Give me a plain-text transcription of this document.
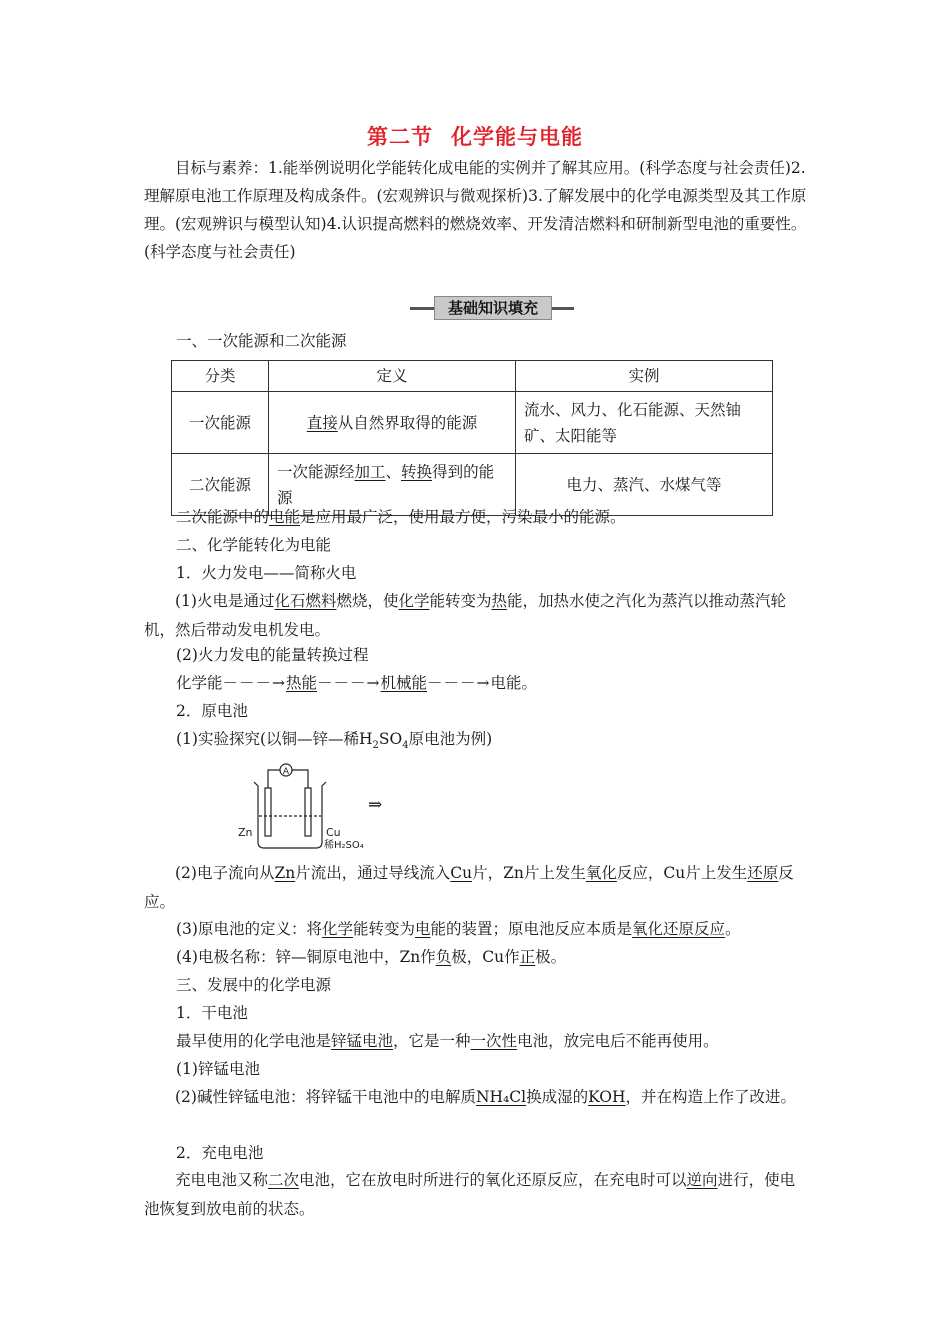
第二节 化学能与电能
目标与素养：1.能举例说明化学能转化成电能的实例并了解其应用。(科学态度与社会责任)2.理解原电池工作原理及构成条件。(宏观辨识与微观探析)3.了解发展中的化学电源类型及其工作原理。(宏观辨识与模型认知)4.认识提高燃料的燃烧效率、开发清洁燃料和研制新型电池的重要性。(科学态度与社会责任)
基础知识填充
一、一次能源和二次能源
分类	定义	实例
一次能源	直接从自然界取得的能源	流水、风力、化石能源、天然铀矿、太阳能等
二次能源	一次能源经加工、转换得到的能源	电力、蒸汽、水煤气等
二次能源中的电能是应用最广泛，使用最方便，污染最小的能源。
二、化学能转化为电能
1．火力发电——简称火电
(1)火电是通过化石燃料燃烧，使化学能转变为热能，加热水使之汽化为蒸汽以推动蒸汽轮机，然后带动发电机发电。
(2)火力发电的能量转换过程
化学能－－－→热能－－－→机械能－－－→电能。
2．原电池
(1)实验探究(以铜—锌—稀$H_2SO_4$原电池为例)
A
Zn	Cu
稀H₂SO₄
⇒
(2)电子流向从Zn片流出，通过导线流入Cu片，Zn片上发生氧化反应，Cu片上发生还原反应。
(3)原电池的定义：将化学能转变为电能的装置；原电池反应本质是氧化还原反应。
(4)电极名称：锌—铜原电池中，Zn作负极，Cu作正极。
三、发展中的化学电源
1．干电池
最早使用的化学电池是锌锰电池，它是一种一次性电池，放完电后不能再使用。
(1)锌锰电池
(2)碱性锌锰电池：将锌锰干电池中的电解质NH₄Cl换成湿的KOH，并在构造上作了改进。
2．充电电池
充电电池又称二次电池，它在放电时所进行的氧化还原反应，在充电时可以逆向进行，使电池恢复到放电前的状态。
